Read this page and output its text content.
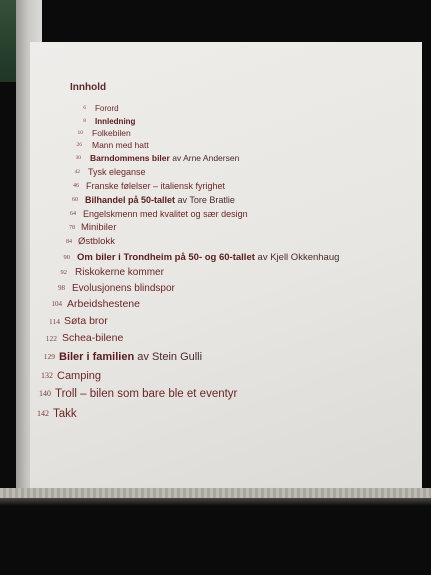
Innhold
6 Forord
8 Innledning
10 Folkebilen
26 Mann med hatt
30 Barndommens biler av Arne Andersen
42 Tysk eleganse
46 Franske følelser – italiensk fyrighet
60 Bilhandel på 50-tallet av Tore Bratlie
64 Engelskmenn med kvalitet og sær design
78 Minibiler
84 Østblokk
90 Om biler i Trondheim på 50- og 60-tallet av Kjell Okkenhaug
92 Riskokerne kommer
98 Evolusjonens blindspor
104 Arbeidshestene
114 Søta bror
122 Schea-bilene
129 Biler i familien av Stein Gulli
132 Camping
140 Troll – bilen som bare ble et eventyr
142 Takk
